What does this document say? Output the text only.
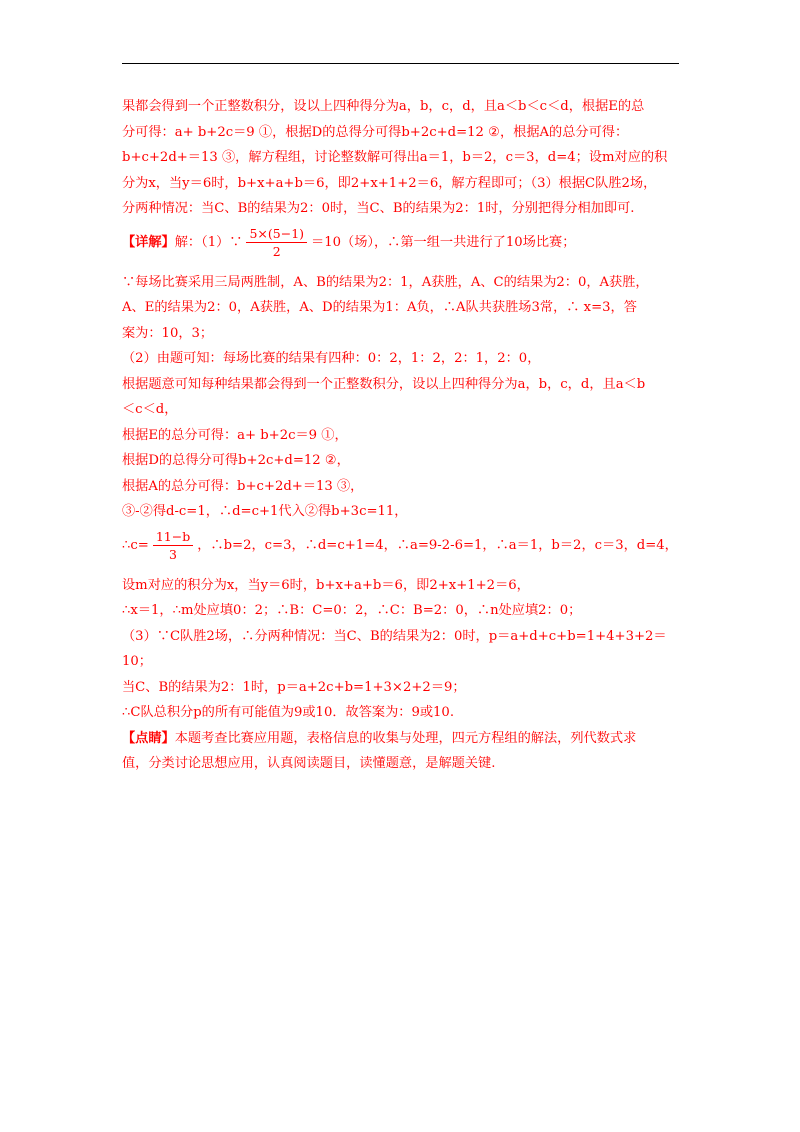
果都会得到一个正整数积分，设以上四种得分为a，b，c，d，且a＜b＜c＜d，根据E的总
分可得：a+ b+2c＝9 ①，根据D的总得分可得b+2c+d=12 ②，根据A的总分可得：
b+c+2d+＝13 ③，解方程组，讨论整数解可得出a＝1，b＝2，c＝3，d=4；设m对应的积
分为x，当y＝6时，b+x+a+b＝6，即2+x+1+2＝6，解方程即可；（3）根据C队胜2场，
分两种情况：当C、B的结果为2：0时，当C、B的结果为2：1时，分别把得分相加即可.
【详解】 解：（1）∵ $\frac{5\times(5-1)}{2} =10$（场），∴第一组一共进行了10场比赛；
∵每场比赛采用三局两胜制，A、B的结果为2：1，A获胜，A、C的结果为2：0，A获胜，
A、E的结果为2：0，A获胜，A、D的结果为1：A负，∴A队共获胜场3常，∴ x=3，答
案为：10，3；
（2）由题可知：每场比赛的结果有四种：0：2，1：2，2：1，2：0，
根据题意可知每种结果都会得到一个正整数积分，设以上四种得分为a，b，c，d，且a＜b
＜c＜d，
根据E的总分可得：a+ b+2c＝9 ①，
根据D的总得分可得b+2c+d=12 ②，
根据A的总分可得：b+c+2d+＝13 ③，
③-②得d-c=1，∴d=c+1代入②得b+3c=11，
∴c= $\frac{11-b}{3}$ ，∴b=2，c=3，∴d=c+1=4，∴a=9-2-6=1，∴a＝1，b＝2，c＝3，d=4，
设m对应的积分为x，当y＝6时，b+x+a+b＝6，即2+x+1+2＝6，
∴x＝1，∴m处应填0：2；∴B：C=0：2，∴C：B=2：0，∴n处应填2：0；
（3）∵C队胜2场，∴分两种情况：当C、B的结果为2：0时，p＝a+d+c+b=1+4+3+2＝
10；
当C、B的结果为2：1时，p＝a+2c+b=1+3×2+2＝9；
∴C队总积分p的所有可能值为9或10．故答案为：9或10.
【点睛】本题考查比赛应用题，表格信息的收集与处理，四元方程组的解法，列代数式求
值，分类讨论思想应用，认真阅读题目，读懂题意，是解题关键.
